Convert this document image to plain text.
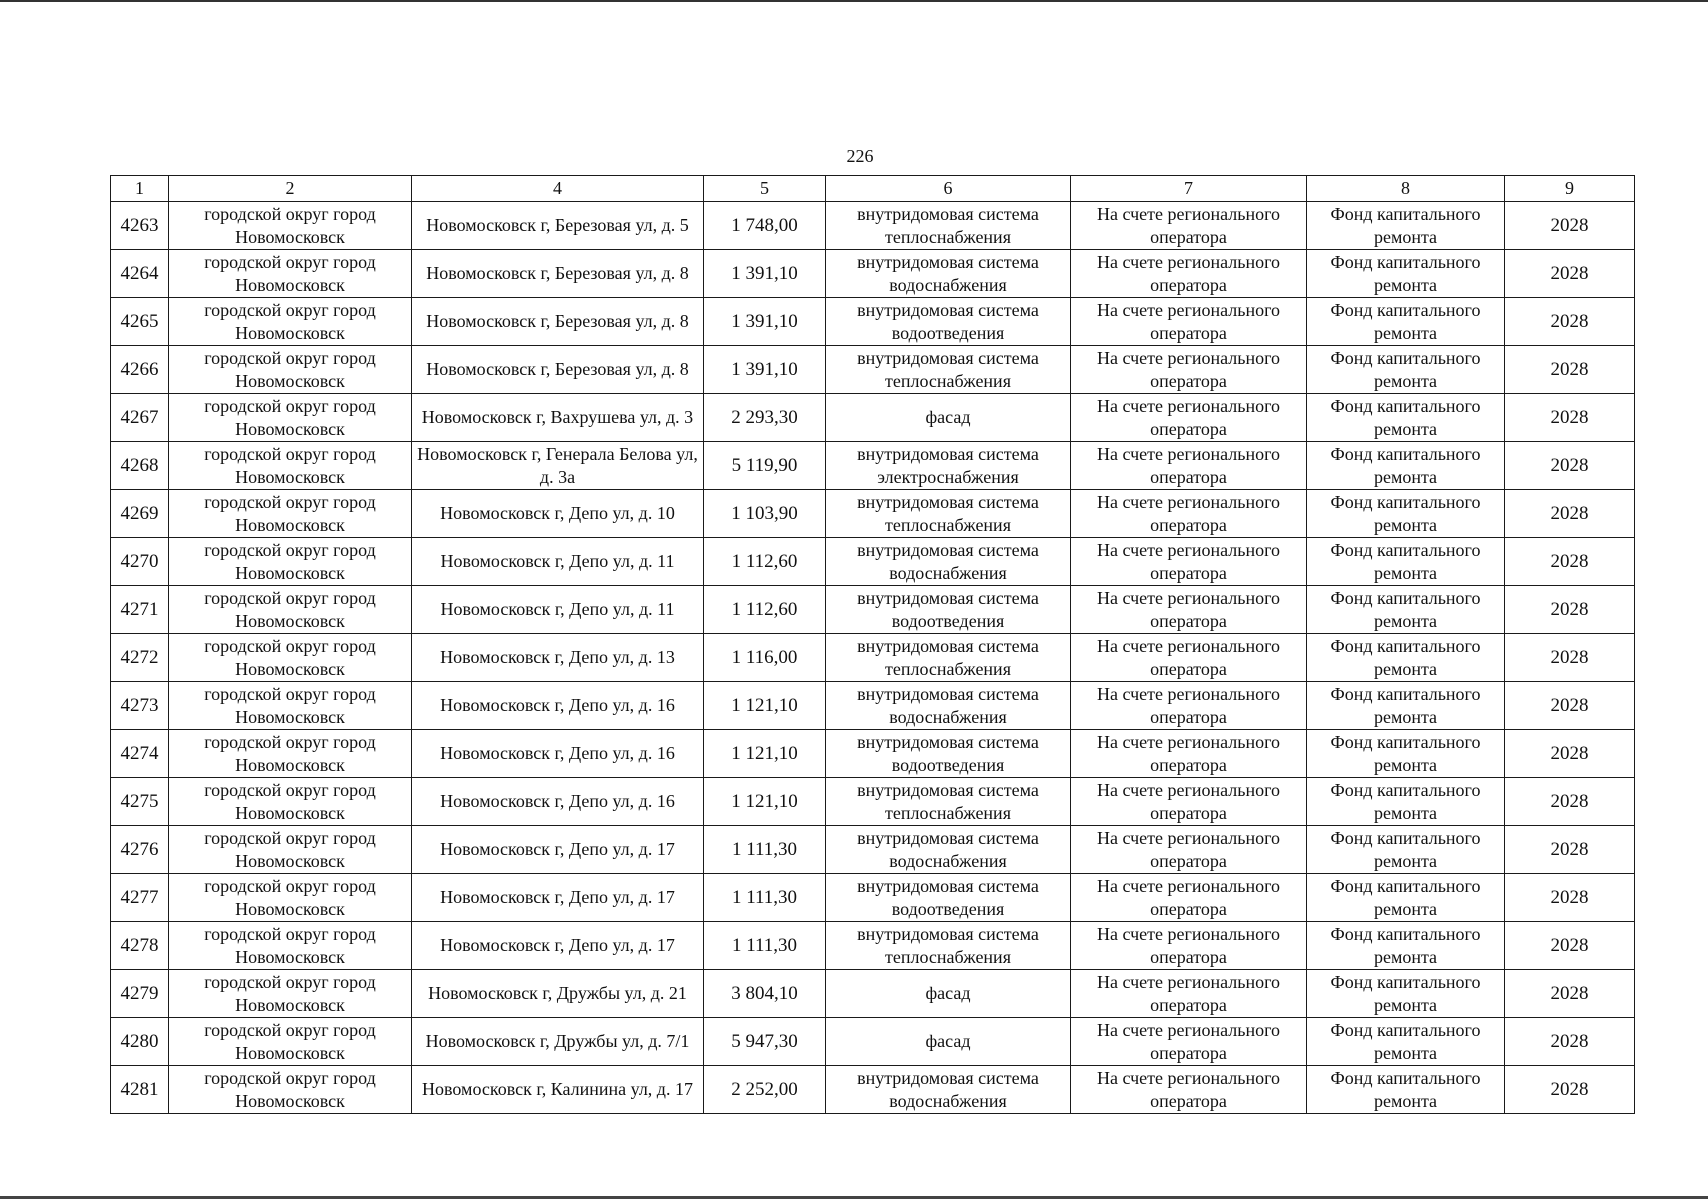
226
1	2	4	5	6	7	8	9
4263	городской округ город Новомосковск	Новомосковск г, Березовая ул, д. 5	1 748,00	внутридомовая система теплоснабжения	На счете регионального оператора	Фонд капитального ремонта	2028
4264	городской округ город Новомосковск	Новомосковск г, Березовая ул, д. 8	1 391,10	внутридомовая система водоснабжения	На счете регионального оператора	Фонд капитального ремонта	2028
4265	городской округ город Новомосковск	Новомосковск г, Березовая ул, д. 8	1 391,10	внутридомовая система водоотведения	На счете регионального оператора	Фонд капитального ремонта	2028
4266	городской округ город Новомосковск	Новомосковск г, Березовая ул, д. 8	1 391,10	внутридомовая система теплоснабжения	На счете регионального оператора	Фонд капитального ремонта	2028
4267	городской округ город Новомосковск	Новомосковск г, Вахрушева ул, д. 3	2 293,30	фасад	На счете регионального оператора	Фонд капитального ремонта	2028
4268	городской округ город Новомосковск	Новомосковск г, Генерала Белова ул, д. 3а	5 119,90	внутридомовая система электроснабжения	На счете регионального оператора	Фонд капитального ремонта	2028
4269	городской округ город Новомосковск	Новомосковск г, Депо ул, д. 10	1 103,90	внутридомовая система теплоснабжения	На счете регионального оператора	Фонд капитального ремонта	2028
4270	городской округ город Новомосковск	Новомосковск г, Депо ул, д. 11	1 112,60	внутридомовая система водоснабжения	На счете регионального оператора	Фонд капитального ремонта	2028
4271	городской округ город Новомосковск	Новомосковск г, Депо ул, д. 11	1 112,60	внутридомовая система водоотведения	На счете регионального оператора	Фонд капитального ремонта	2028
4272	городской округ город Новомосковск	Новомосковск г, Депо ул, д. 13	1 116,00	внутридомовая система теплоснабжения	На счете регионального оператора	Фонд капитального ремонта	2028
4273	городской округ город Новомосковск	Новомосковск г, Депо ул, д. 16	1 121,10	внутридомовая система водоснабжения	На счете регионального оператора	Фонд капитального ремонта	2028
4274	городской округ город Новомосковск	Новомосковск г, Депо ул, д. 16	1 121,10	внутридомовая система водоотведения	На счете регионального оператора	Фонд капитального ремонта	2028
4275	городской округ город Новомосковск	Новомосковск г, Депо ул, д. 16	1 121,10	внутридомовая система теплоснабжения	На счете регионального оператора	Фонд капитального ремонта	2028
4276	городской округ город Новомосковск	Новомосковск г, Депо ул, д. 17	1 111,30	внутридомовая система водоснабжения	На счете регионального оператора	Фонд капитального ремонта	2028
4277	городской округ город Новомосковск	Новомосковск г, Депо ул, д. 17	1 111,30	внутридомовая система водоотведения	На счете регионального оператора	Фонд капитального ремонта	2028
4278	городской округ город Новомосковск	Новомосковск г, Депо ул, д. 17	1 111,30	внутридомовая система теплоснабжения	На счете регионального оператора	Фонд капитального ремонта	2028
4279	городской округ город Новомосковск	Новомосковск г, Дружбы ул, д. 21	3 804,10	фасад	На счете регионального оператора	Фонд капитального ремонта	2028
4280	городской округ город Новомосковск	Новомосковск г, Дружбы ул, д. 7/1	5 947,30	фасад	На счете регионального оператора	Фонд капитального ремонта	2028
4281	городской округ город Новомосковск	Новомосковск г, Калинина ул, д. 17	2 252,00	внутридомовая система водоснабжения	На счете регионального оператора	Фонд капитального ремонта	2028
